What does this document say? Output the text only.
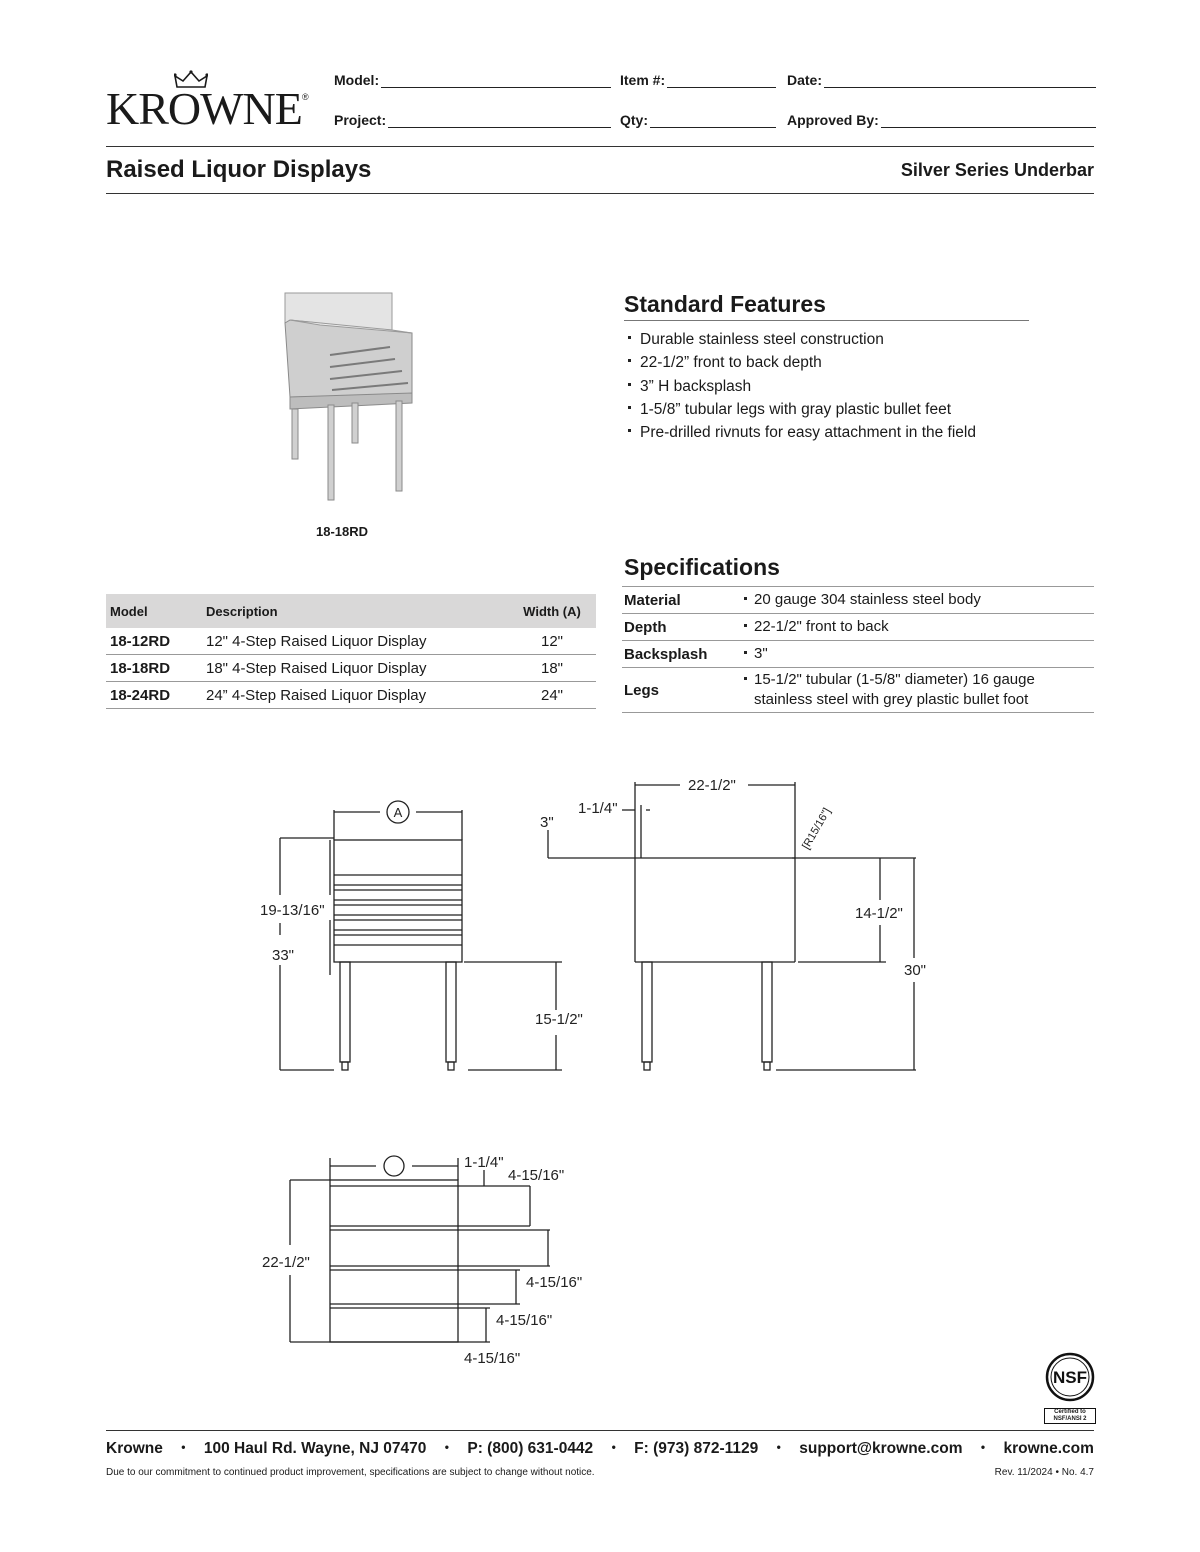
KROWNE ®
Model:	Item #:	Date:
Project:	Qty:	Approved By:
Raised Liquor Displays	Silver Series Underbar
18-18RD
Standard Features
Durable stainless steel construction
22-1/2” front to back depth
3” H backsplash
1-5/8” tubular legs with gray plastic bullet feet
Pre-drilled rivnuts for easy attachment in the field
Specifications
Material	20 gauge 304 stainless steel body

Depth	22-1/2" front to back

Backsplash	3"

Legs	15-1/2" tubular (1-5/8" diameter) 16 gauge stainless steel with grey plastic bullet foot
Model	Description	Width (A)
18-12RD	12" 4-Step Raised Liquor Display	12"
18-18RD	18" 4-Step Raised Liquor Display	18"
18-24RD	24” 4-Step Raised Liquor Display	24"
A
19-13/16"
33"
15-1/2"
22-1/2"
1-1/4"
3"	[R15/16"]
14-1/2"
30"
22-1/2"
1-1/4"
4-15/16"
4-15/16"
4-15/16"
4-15/16"
NSF
Certified to
NSF/ANSI 2
Krowne • 100 Haul Rd. Wayne, NJ 07470 • P: (800) 631-0442 • F: (973) 872-1129 • support@krowne.com • krowne.com
Due to our commitment to continued product improvement, specifications are subject to change without notice.	Rev. 11/2024 • No. 4.7
